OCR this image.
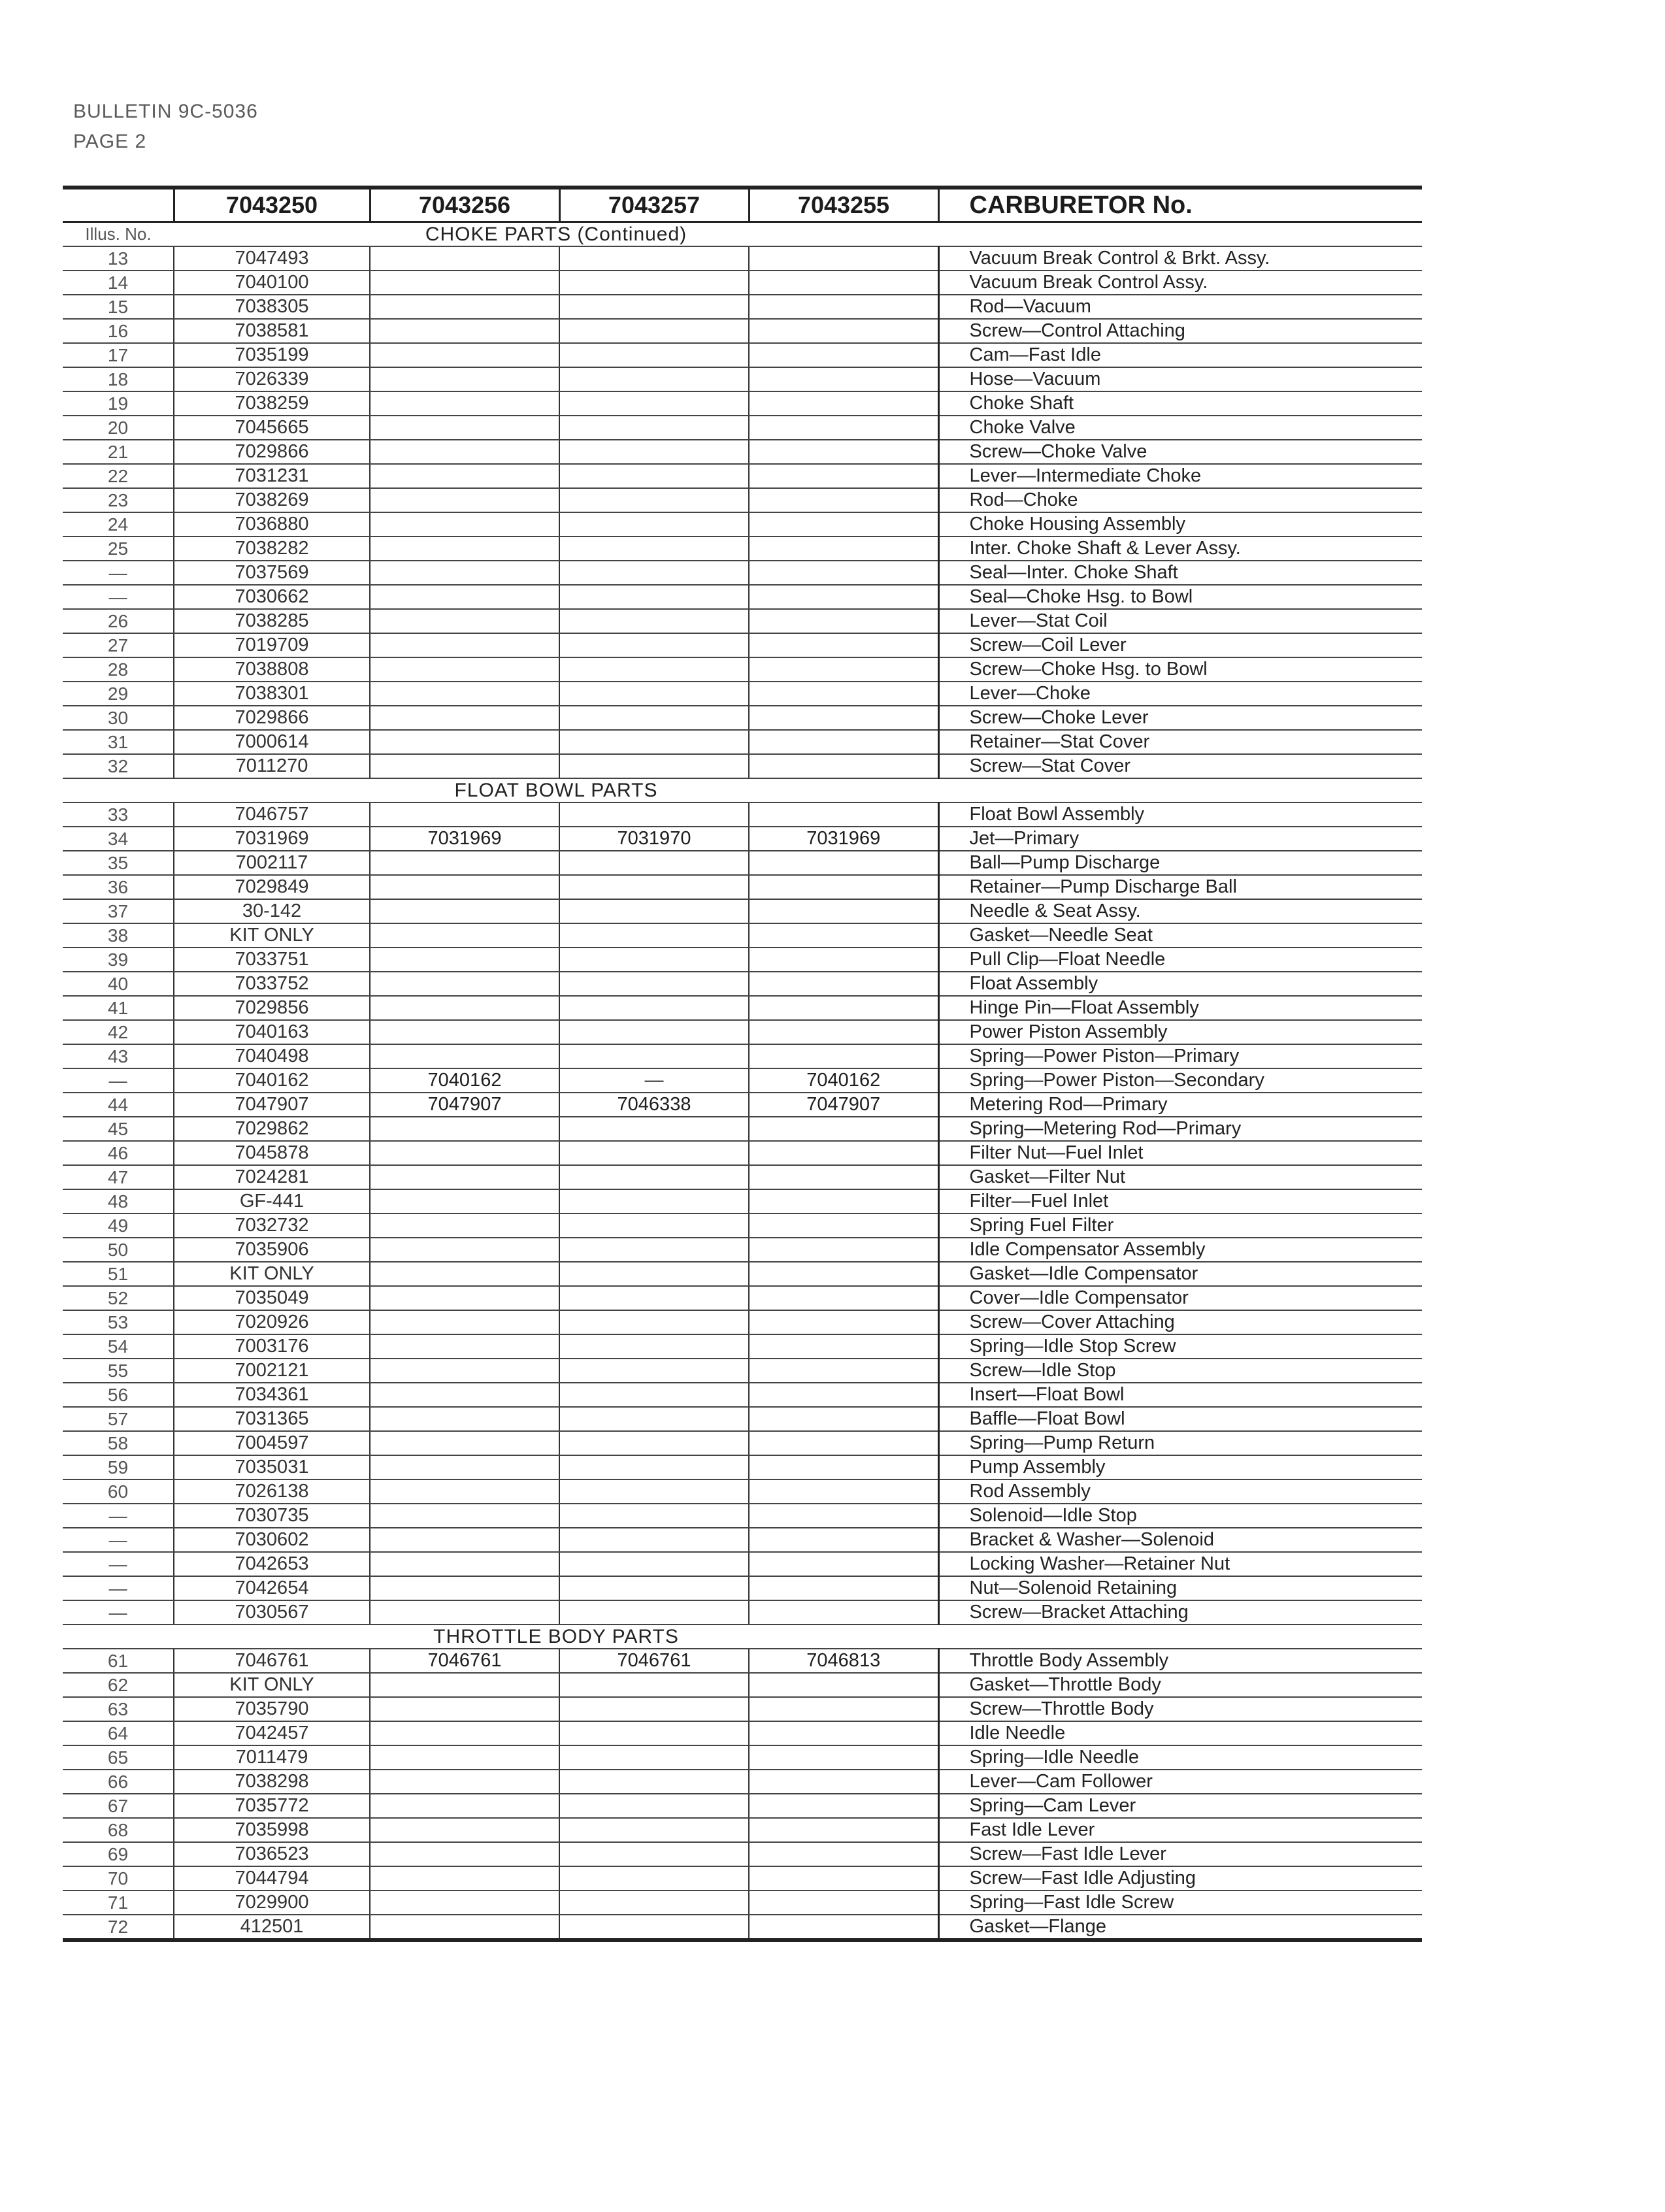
BULLETIN 9C-5036
PAGE 2
	7043250	7043256	7043257	7043255	CARBURETOR No.
Illus. No.	CHOKE PARTS (Continued)				
13	7047493				Vacuum Break Control & Brkt. Assy.
14	7040100				Vacuum Break Control Assy.
15	7038305				Rod—Vacuum
16	7038581				Screw—Control Attaching
17	7035199				Cam—Fast Idle
18	7026339				Hose—Vacuum
19	7038259				Choke Shaft
20	7045665				Choke Valve
21	7029866				Screw—Choke Valve
22	7031231				Lever—Intermediate Choke
23	7038269				Rod—Choke
24	7036880				Choke Housing Assembly
25	7038282				Inter. Choke Shaft & Lever Assy.
—	7037569				Seal—Inter. Choke Shaft
—	7030662				Seal—Choke Hsg. to Bowl
26	7038285				Lever—Stat Coil
27	7019709				Screw—Coil Lever
28	7038808				Screw—Choke Hsg. to Bowl
29	7038301				Lever—Choke
30	7029866				Screw—Choke Lever
31	7000614				Retainer—Stat Cover
32	7011270				Screw—Stat Cover
	FLOAT BOWL PARTS				
33	7046757				Float Bowl Assembly
34	7031969	7031969	7031970	7031969	Jet—Primary
35	7002117				Ball—Pump Discharge
36	7029849				Retainer—Pump Discharge Ball
37	30-142				Needle & Seat Assy.
38	KIT ONLY				Gasket—Needle Seat
39	7033751				Pull Clip—Float Needle
40	7033752				Float Assembly
41	7029856				Hinge Pin—Float Assembly
42	7040163				Power Piston Assembly
43	7040498				Spring—Power Piston—Primary
—	7040162	7040162	—	7040162	Spring—Power Piston—Secondary
44	7047907	7047907	7046338	7047907	Metering Rod—Primary
45	7029862				Spring—Metering Rod—Primary
46	7045878				Filter Nut—Fuel Inlet
47	7024281				Gasket—Filter Nut
48	GF-441				Filter—Fuel Inlet
49	7032732				Spring Fuel Filter
50	7035906				Idle Compensator Assembly
51	KIT ONLY				Gasket—Idle Compensator
52	7035049				Cover—Idle Compensator
53	7020926				Screw—Cover Attaching
54	7003176				Spring—Idle Stop Screw
55	7002121				Screw—Idle Stop
56	7034361				Insert—Float Bowl
57	7031365				Baffle—Float Bowl
58	7004597				Spring—Pump Return
59	7035031				Pump Assembly
60	7026138				Rod Assembly
—	7030735				Solenoid—Idle Stop
—	7030602				Bracket & Washer—Solenoid
—	7042653				Locking Washer—Retainer Nut
—	7042654				Nut—Solenoid Retaining
—	7030567				Screw—Bracket Attaching
	THROTTLE BODY PARTS				
61	7046761	7046761	7046761	7046813	Throttle Body Assembly
62	KIT ONLY				Gasket—Throttle Body
63	7035790				Screw—Throttle Body
64	7042457				Idle Needle
65	7011479				Spring—Idle Needle
66	7038298				Lever—Cam Follower
67	7035772				Spring—Cam Lever
68	7035998				Fast Idle Lever
69	7036523				Screw—Fast Idle Lever
70	7044794				Screw—Fast Idle Adjusting
71	7029900				Spring—Fast Idle Screw
72	412501				Gasket—Flange
